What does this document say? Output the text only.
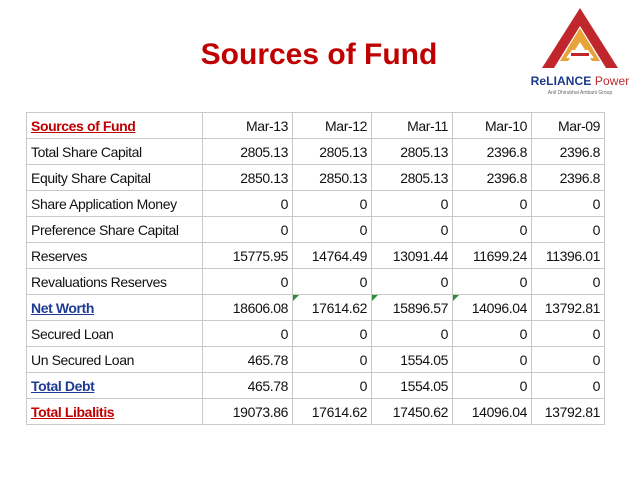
Sources of Fund
ReLIANCE Power
Anil Dhirubhai Ambani Group
Sources of Fund	Mar-13	Mar-12	Mar-11	Mar-10	Mar-09
Total Share Capital	2805.13	2805.13	2805.13	2396.8	2396.8
Equity Share Capital	2850.13	2850.13	2805.13	2396.8	2396.8
Share Application Money	0	0	0	0	0
Preference Share Capital	0	0	0	0	0
Reserves	15775.95	14764.49	13091.44	11699.24	11396.01
Revaluations Reserves	0	0	0	0	0
Net Worth	18606.08	17614.62	15896.57	14096.04	13792.81
Secured Loan	0	0	0	0	0
Un Secured Loan	465.78	0	1554.05	0	0
Total Debt	465.78	0	1554.05	0	0
Total Libalitis	19073.86	17614.62	17450.62	14096.04	13792.81
